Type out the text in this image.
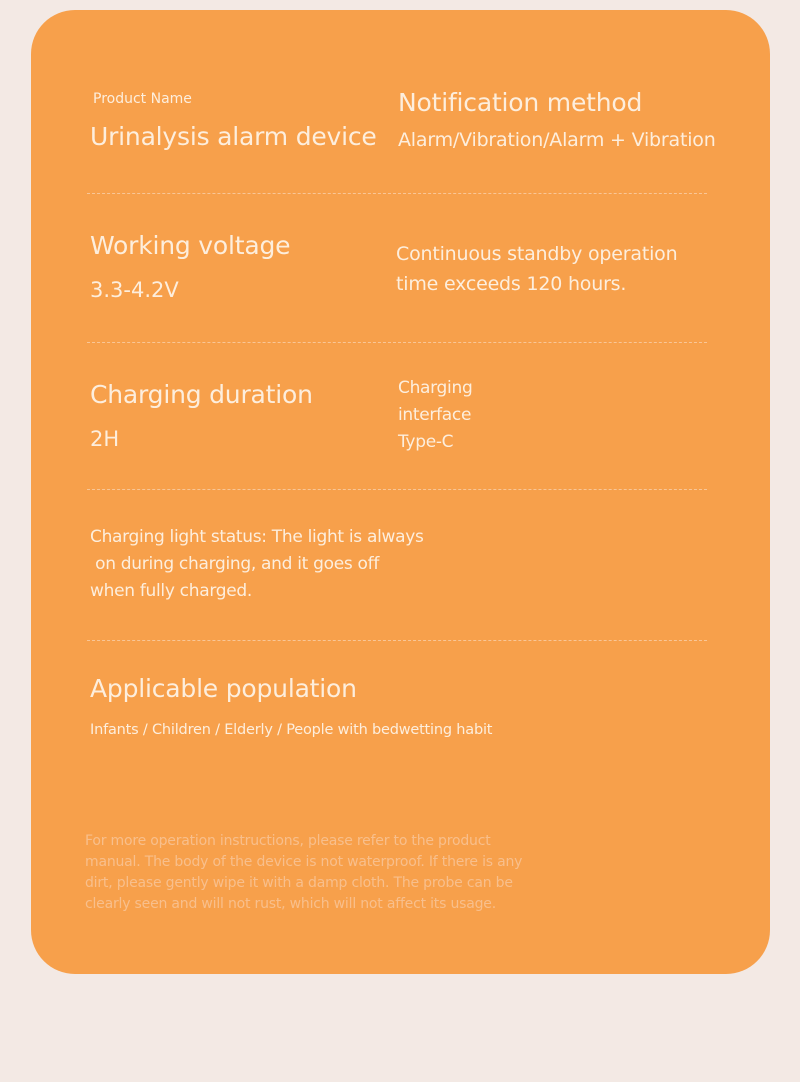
Product Name
Urinalysis alarm device
Notification method
Alarm/Vibration/Alarm + Vibration
Working voltage
3.3-4.2V
Continuous standby operation
time exceeds 120 hours.
Charging duration
2H
Charging
interface
Type-C
Charging light status: The light is always
on during charging, and it goes off
when fully charged.
Applicable population
Infants / Children / Elderly / People with bedwetting habit
For more operation instructions, please refer to the product
manual. The body of the device is not waterproof. If there is any
dirt, please gently wipe it with a damp cloth. The probe can be
clearly seen and will not rust, which will not affect its usage.
